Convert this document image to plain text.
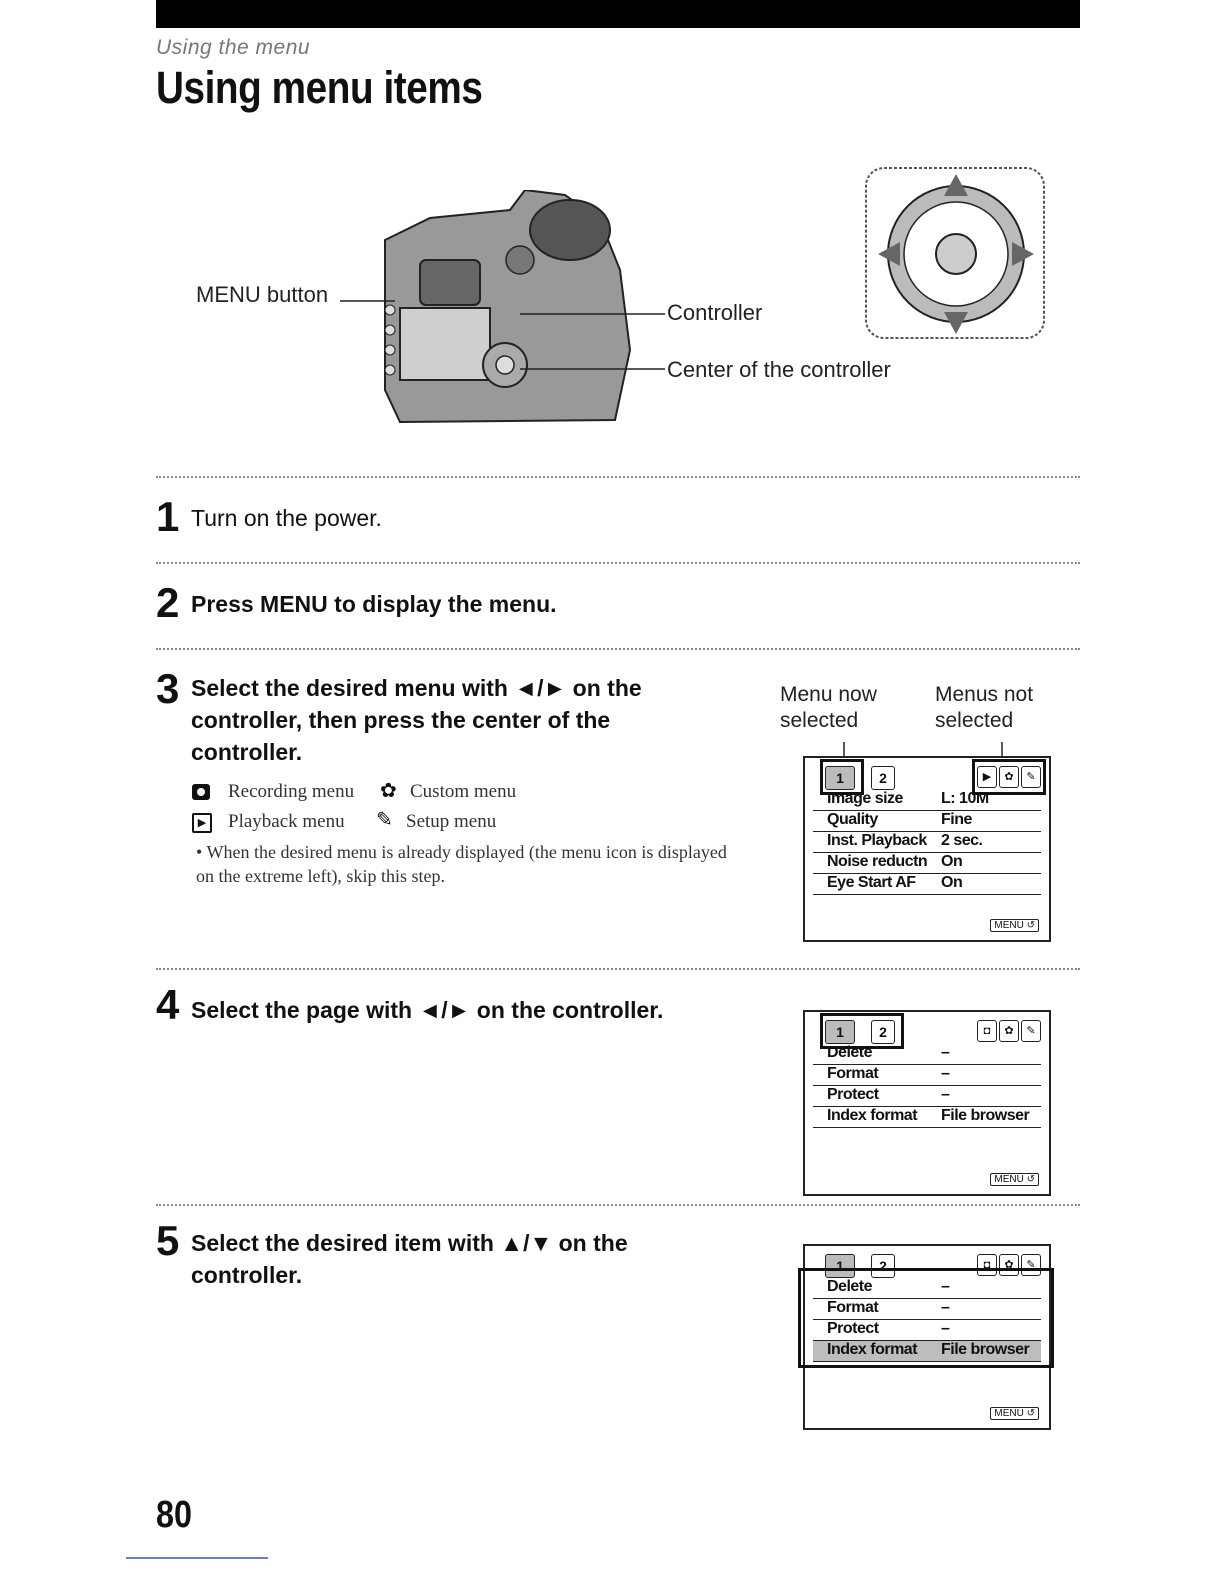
Using the menu
Using menu items
MENU button
Controller
Center of the controller
1 Turn on the power.
2 Press MENU to display the menu.
3 Select the desired menu with ◄/► on the controller, then press the center of the controller.
Recording menu ✿ Custom menu
▶	Playback menu ✎ Setup menu
• When the desired menu is already displayed (the menu icon is displayed on the extreme left), skip this step.
Menu now selected
Menus not selected
1	2	▶	✿	✎
Image size L: 10M
Quality	Fine
Inst. Playback 2 sec.
Noise reductn On
Eye Start AF On
MENU ↺
4 Select the page with ◄/► on the controller.
1	2	◘	✿	✎
Delete	–
Format	–
Protect	–
Index format File browser
MENU ↺
5 Select the desired item with ▲/▼ on the controller.	1	2	◘	✿	✎
Delete	–
Format	–
Protect	–
Index format File browser
MENU ↺
80
